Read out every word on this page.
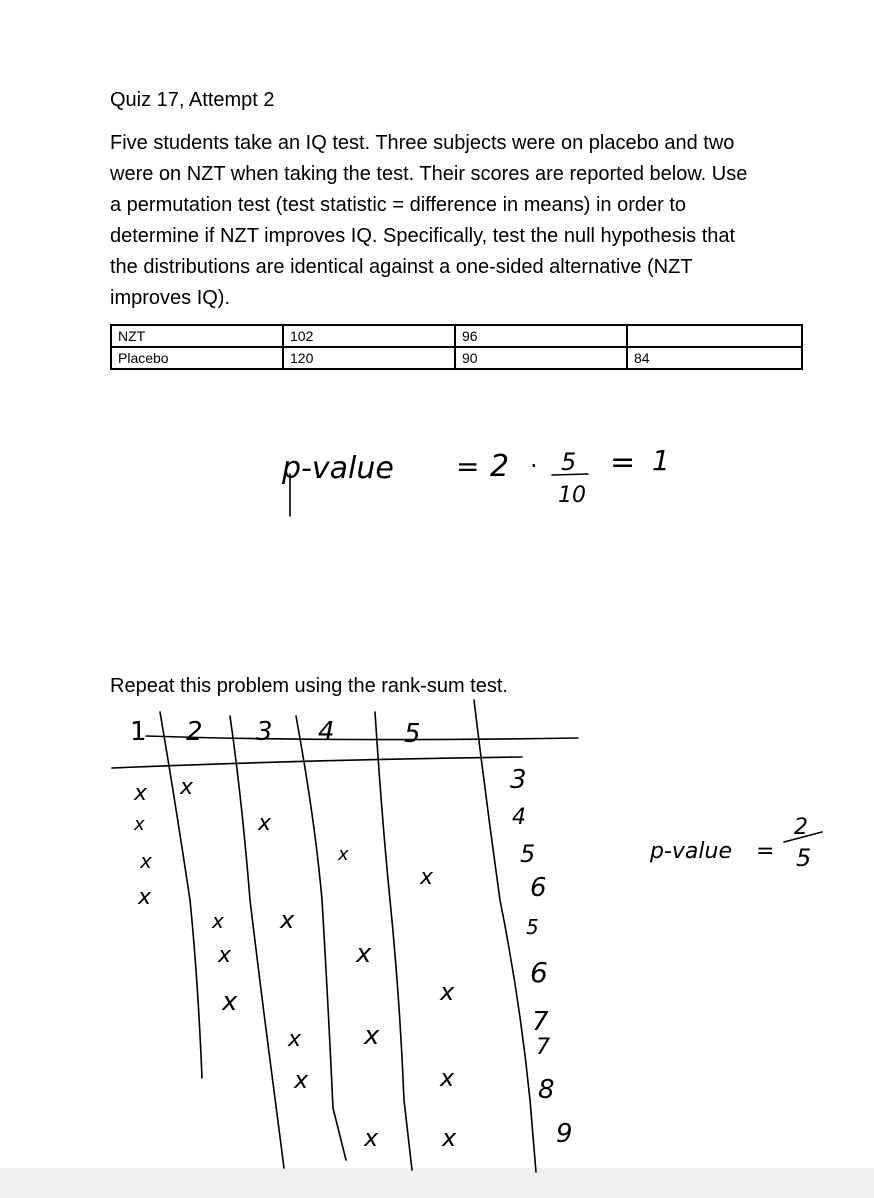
Quiz 17, Attempt 2
Five students take an IQ test. Three subjects were on placebo and two
were on NZT when taking the test. Their scores are reported below. Use
a permutation test (test statistic = difference in means) in order to
determine if NZT improves IQ. Specifically, test the null hypothesis that
the distributions are identical against a one-sided alternative (NZT
improves IQ).
NZT	102	96	
Placebo	120	90	84
Repeat this problem using the rank-sum test.
p-value = 2 · 5
10
= 1
1 2 3 4	5
x
x
x
x
x
x
x
x
x x
x	x
x	x
x x
x	x
x	x
3
4
5
6
5
6
7
7
8
9
p-value =
2
5
